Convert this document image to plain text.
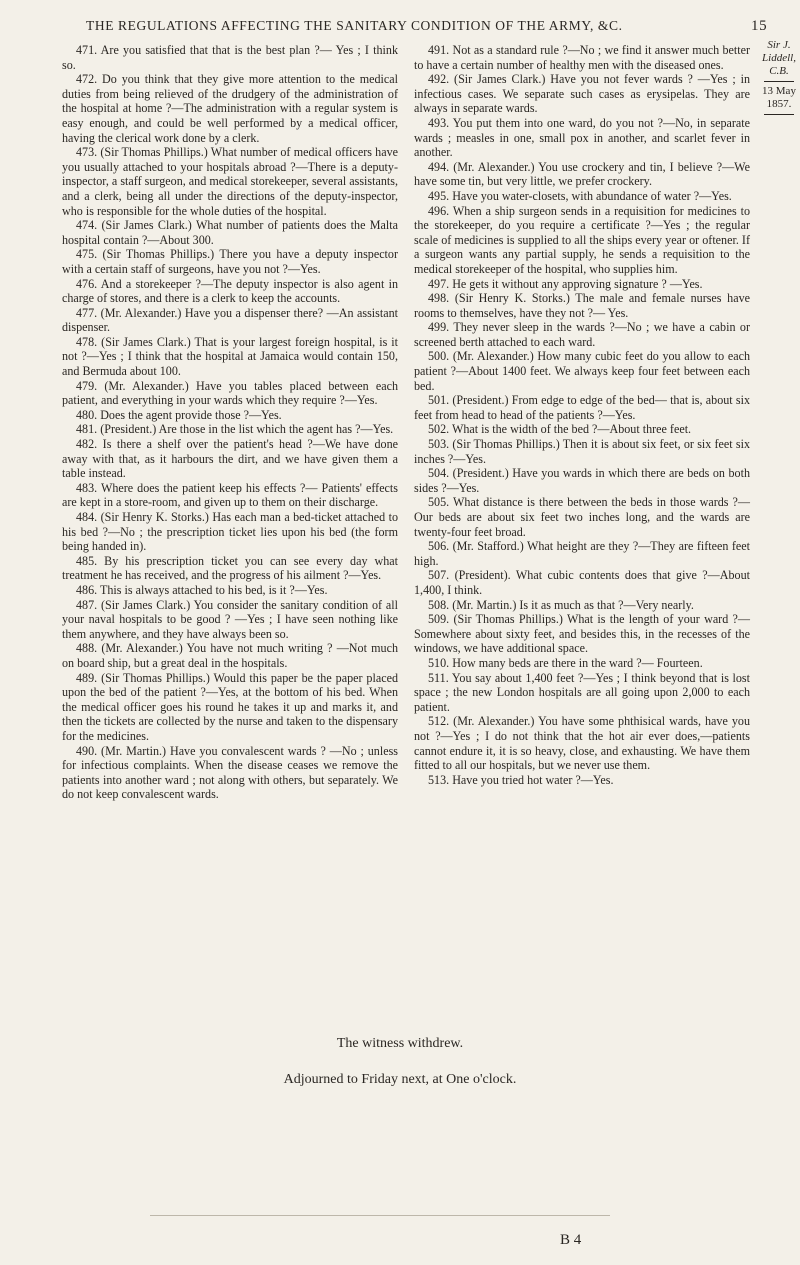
THE REGULATIONS AFFECTING THE SANITARY CONDITION OF THE ARMY, &C.	15
Sir J. Liddell,
C.B.
13 May 1857.

471. Are you satisfied that that is the best plan ?— Yes ; I think so.

472. Do you think that they give more attention to the medical duties from being relieved of the drudgery of the administration of the hospital at home ?—The administration with a regular system is easy enough, and could be well performed by a medical officer, having the clerical work done by a clerk.

473. (Sir Thomas Phillips.) What number of medical officers have you usually attached to your hospitals abroad ?—There is a deputy-inspector, a staff surgeon, and medical storekeeper, several assistants, and a clerk, being all under the directions of the deputy-inspector, who is responsible for the whole duties of the hospital.

474. (Sir James Clark.) What number of patients does the Malta hospital contain ?—About 300.

475. (Sir Thomas Phillips.) There you have a deputy inspector with a certain staff of surgeons, have you not ?—Yes.

476. And a storekeeper ?—The deputy inspector is also agent in charge of stores, and there is a clerk to keep the accounts.

477. (Mr. Alexander.) Have you a dispenser there? —An assistant dispenser.

478. (Sir James Clark.) That is your largest foreign hospital, is it not ?—Yes ; I think that the hospital at Jamaica would contain 150, and Bermuda about 100.

479. (Mr. Alexander.) Have you tables placed between each patient, and everything in your wards which they require ?—Yes.

480. Does the agent provide those ?—Yes.

481. (President.) Are those in the list which the agent has ?—Yes.

482. Is there a shelf over the patient's head ?—We have done away with that, as it harbours the dirt, and we have given them a table instead.

483. Where does the patient keep his effects ?— Patients' effects are kept in a store-room, and given up to them on their discharge.

484. (Sir Henry K. Storks.) Has each man a bed-ticket attached to his bed ?—No ; the prescription ticket lies upon his bed (the form being handed in).

485. By his prescription ticket you can see every day what treatment he has received, and the progress of his ailment ?—Yes.

486. This is always attached to his bed, is it ?—Yes.

487. (Sir James Clark.) You consider the sanitary condition of all your naval hospitals to be good ? —Yes ; I have seen nothing like them anywhere, and they have always been so.

488. (Mr. Alexander.) You have not much writing ? —Not much on board ship, but a great deal in the hospitals.

489. (Sir Thomas Phillips.) Would this paper be the paper placed upon the bed of the patient ?—Yes, at the bottom of his bed. When the medical officer goes his round he takes it up and marks it, and then the tickets are collected by the nurse and taken to the dispensary for the medicines.

490. (Mr. Martin.) Have you convalescent wards ? —No ; unless for infectious complaints. When the disease ceases we remove the patients into another ward ; not along with others, but separately. We do not keep convalescent wards.

491. Not as a standard rule ?—No ; we find it answer much better to have a certain number of healthy men with the diseased ones.

492. (Sir James Clark.) Have you not fever wards ? —Yes ; in infectious cases. We separate such cases as erysipelas. They are always in separate wards.

493. You put them into one ward, do you not ?—No, in separate wards ; measles in one, small pox in another, and scarlet fever in another.

494. (Mr. Alexander.) You use crockery and tin, I believe ?—We have some tin, but very little, we prefer crockery.

495. Have you water-closets, with abundance of water ?—Yes.

496. When a ship surgeon sends in a requisition for medicines to the storekeeper, do you require a certificate ?—Yes ; the regular scale of medicines is supplied to all the ships every year or oftener. If a surgeon wants any partial supply, he sends a requisition to the medical storekeeper of the hospital, who supplies him.

497. He gets it without any approving signature ? —Yes.

498. (Sir Henry K. Storks.) The male and female nurses have rooms to themselves, have they not ?— Yes.

499. They never sleep in the wards ?—No ; we have a cabin or screened berth attached to each ward.

500. (Mr. Alexander.) How many cubic feet do you allow to each patient ?—About 1400 feet. We always keep four feet between each bed.

501. (President.) From edge to edge of the bed— that is, about six feet from head to head of the patients ?—Yes.

502. What is the width of the bed ?—About three feet.

503. (Sir Thomas Phillips.) Then it is about six feet, or six feet six inches ?—Yes.

504. (President.) Have you wards in which there are beds on both sides ?—Yes.

505. What distance is there between the beds in those wards ?—Our beds are about six feet two inches long, and the wards are twenty-four feet broad.

506. (Mr. Stafford.) What height are they ?—They are fifteen feet high.

507. (President). What cubic contents does that give ?—About 1,400, I think.

508. (Mr. Martin.) Is it as much as that ?—Very nearly.

509. (Sir Thomas Phillips.) What is the length of your ward ?—Somewhere about sixty feet, and besides this, in the recesses of the windows, we have additional space.

510. How many beds are there in the ward ?— Fourteen.

511. You say about 1,400 feet ?—Yes ; I think beyond that is lost space ; the new London hospitals are all going upon 2,000 to each patient.

512. (Mr. Alexander.) You have some phthisical wards, have you not ?—Yes ; I do not think that the hot air ever does,—patients cannot endure it, it is so heavy, close, and exhausting. We have them fitted to all our hospitals, but we never use them.

513. Have you tried hot water ?—Yes.

The witness withdrew.
Adjourned to Friday next, at One o'clock.
B 4
